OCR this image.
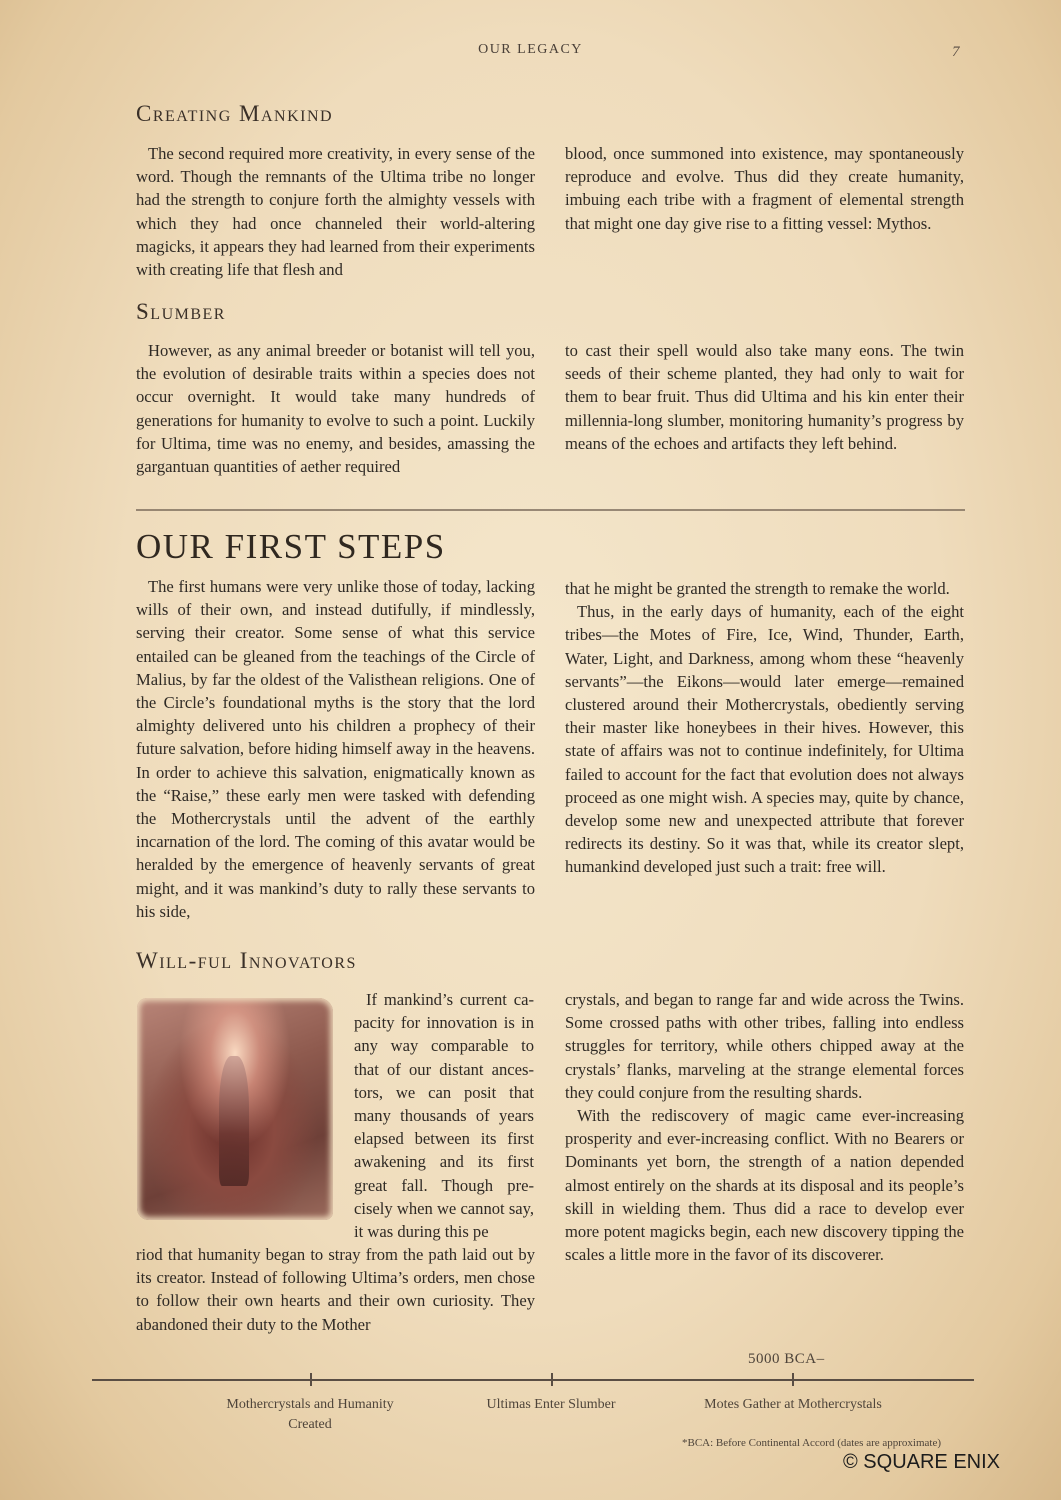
OUR LEGACY	7
Creating Mankind

The second required more creativity, in every sense of the word. Though the remnants of the Ultima tribe no longer had the strength to conjure forth the almighty vessels with which they had once channeled their world-altering magicks, it appears they had learned from their experiments with creating life that flesh and

blood, once summoned into existence, may spontaneously reproduce and evolve. Thus did they create humanity, imbuing each tribe with a fragment of elemental strength that might one day give rise to a fitting vessel: Mythos.

Slumber

However, as any animal breeder or botanist will tell you, the evolution of desirable traits within a species does not occur overnight. It would take many hundreds of generations for humanity to evolve to such a point. Luckily for Ultima, time was no enemy, and besides, amassing the gargantuan quantities of aether required

to cast their spell would also take many eons. The twin seeds of their scheme planted, they had only to wait for them to bear fruit. Thus did Ultima and his kin enter their millennia-long slumber, monitoring humanity’s progress by means of the echoes and artifacts they left behind.

OUR FIRST STEPS

The first humans were very unlike those of today, lacking wills of their own, and instead dutifully, if mindlessly, serving their creator. Some sense of what this service entailed can be gleaned from the teachings of the Circle of Malius, by far the oldest of the Valisthean religions. One of the Circle’s foundational myths is the story that the lord almighty delivered unto his children a prophecy of their future salvation, before hiding himself away in the heavens. In order to achieve this salvation, enigmatically known as the “Raise,” these early men were tasked with defending the Mothercrystals until the advent of the earthly incarnation of the lord. The coming of this avatar would be heralded by the emergence of heavenly servants of great might, and it was mankind’s duty to rally these servants to his side,

that he might be granted the strength to remake the world.

Thus, in the early days of humanity, each of the eight tribes—the Motes of Fire, Ice, Wind, Thunder, Earth, Water, Light, and Darkness, among whom these “heavenly servants”—the Eikons—would later emerge—remained clustered around their Mothercrystals, obediently serving their master like honeybees in their hives. However, this state of affairs was not to continue indefinitely, for Ultima failed to account for the fact that evolution does not always proceed as one might wish. A species may, quite by chance, develop some new and unexpected attribute that forever redirects its destiny. So it was that, while its creator slept, humankind developed just such a trait: free will.

Will-ful Innovators

If mankind’s current capacity for innovation is in any way comparable to that of our distant ancestors, we can posit that many thousands of years elapsed between its first awakening and its first great fall. Though precisely when we cannot say, it was during this pe

riod that humanity began to stray from the path laid out by its creator. Instead of following Ultima’s orders, men chose to follow their own hearts and their own curiosity. They abandoned their duty to the Mother

crystals, and began to range far and wide across the Twins. Some crossed paths with other tribes, falling into endless struggles for territory, while others chipped away at the crystals’ flanks, marveling at the strange elemental forces they could conjure from the resulting shards.

With the rediscovery of magic came ever-increasing prosperity and ever-increasing conflict. With no Bearers or Dominants yet born, the strength of a nation depended almost entirely on the shards at its disposal and its people’s skill in wielding them. Thus did a race to develop ever more potent magicks begin, each new discovery tipping the scales a little more in the favor of its discoverer.

5000 BCA–
Mothercrystals and Humanity Created
Ultimas Enter Slumber	Motes Gather at Mothercrystals
*BCA: Before Continental Accord (dates are approximate)
© SQUARE ENIX
